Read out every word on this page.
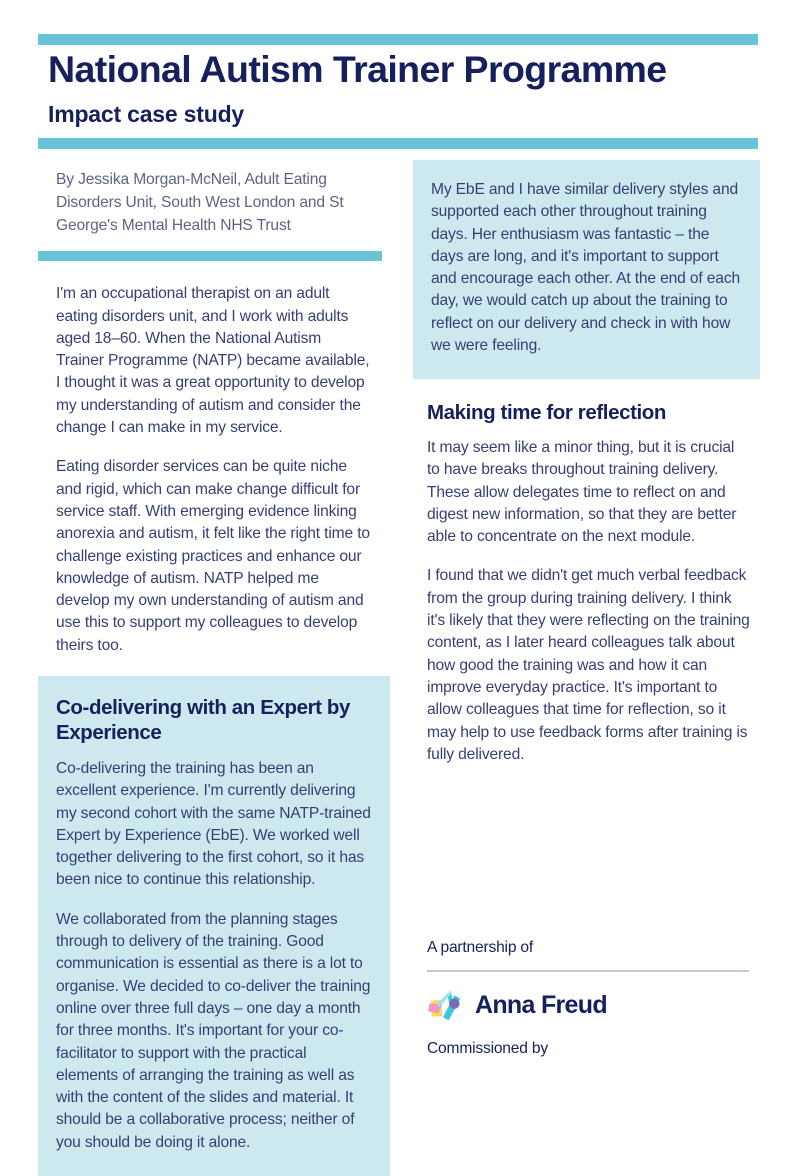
National Autism Trainer Programme
Impact case study
By Jessika Morgan-McNeil, Adult Eating Disorders Unit, South West London and St George's Mental Health NHS Trust

I'm an occupational therapist on an adult eating disorders unit, and I work with adults aged 18–60. When the National Autism Trainer Programme (NATP) became available, I thought it was a great opportunity to develop my understanding of autism and consider the change I can make in my service.

Eating disorder services can be quite niche and rigid, which can make change difficult for service staff. With emerging evidence linking anorexia and autism, it felt like the right time to challenge existing practices and enhance our knowledge of autism. NATP helped me develop my own understanding of autism and use this to support my colleagues to develop theirs too.

Co-delivering with an Expert by Experience

Co-delivering the training has been an excellent experience. I'm currently delivering my second cohort with the same NATP-trained Expert by Experience (EbE). We worked well together delivering to the first cohort, so it has been nice to continue this relationship.

We collaborated from the planning stages through to delivery of the training. Good communication is essential as there is a lot to organise. We decided to co-deliver the training online over three full days – one day a month for three months. It's important for your co-facilitator to support with the practical elements of arranging the training as well as with the content of the slides and material. It should be a collaborative process; neither of you should be doing it alone.

My EbE and I have similar delivery styles and supported each other throughout training days. Her enthusiasm was fantastic – the days are long, and it's important to support and encourage each other. At the end of each day, we would catch up about the training to reflect on our delivery and check in with how we were feeling.

Making time for reflection

It may seem like a minor thing, but it is crucial to have breaks throughout training delivery. These allow delegates time to reflect on and digest new information, so that they are better able to concentrate on the next module.

I found that we didn't get much verbal feedback from the group during training delivery. I think it's likely that they were reflecting on the training content, as I later heard colleagues talk about how good the training was and how it can improve everyday practice. It's important to allow colleagues that time for reflection, so it may help to use feedback forms after training is fully delivered.

A partnership of
Anna Freud
Commissioned by
